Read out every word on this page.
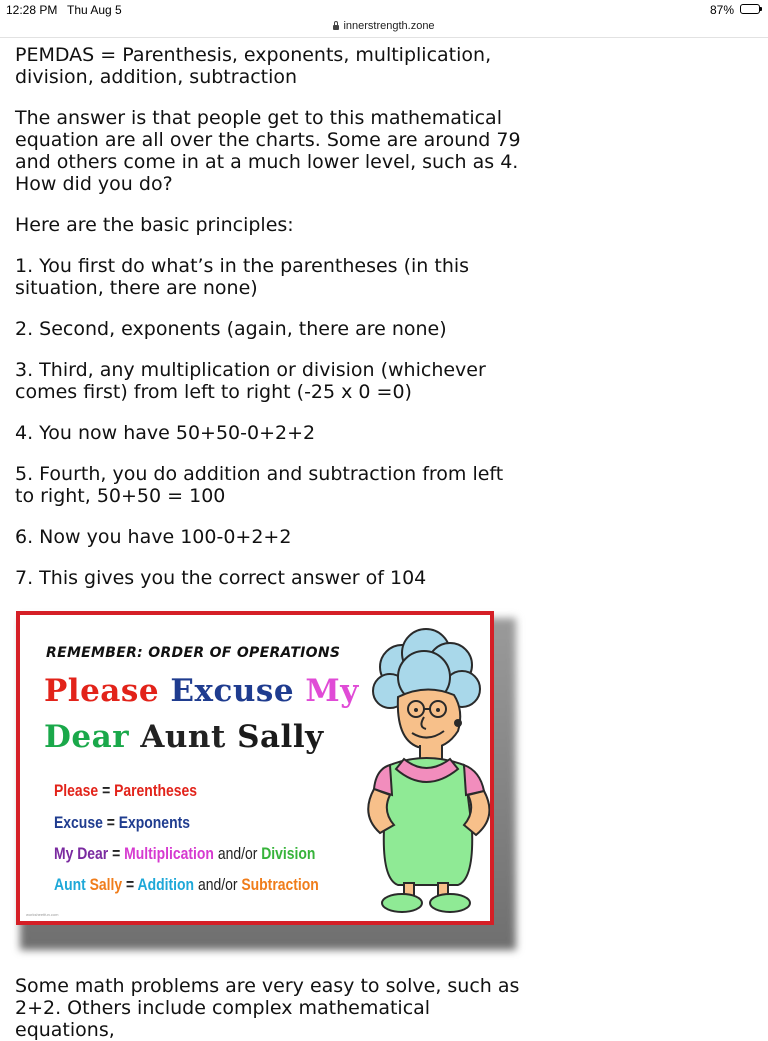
12:28 PM Thu Aug 5	87%
innerstrength.zone

PEMDAS = Parenthesis, exponents, multiplication, division, addition, subtraction

The answer is that people get to this mathematical equation are all over the charts. Some are around 79 and others come in at a much lower level, such as 4. How did you do?

Here are the basic principles:

1. You first do what’s in the parentheses (in this situation, there are none)

2. Second, exponents (again, there are none)

3. Third, any multiplication or division (whichever comes first) from left to right (-25 x 0 =0)

4. You now have 50+50-0+2+2

5. Fourth, you do addition and subtraction from left to right, 50+50 = 100

6. Now you have 100-0+2+2

7. This gives you the correct answer of 104

REMEMBER: ORDER OF OPERATIONS
Please Excuse My
Dear Aunt Sally
Please = Parentheses
Excuse = Exponents
My Dear = Multiplication and/or Division
Aunt Sally = Addition and/or Subtraction
worksheetfun.com
Some math problems are very easy to solve, such as 2+2. Others include complex mathematical equations,
